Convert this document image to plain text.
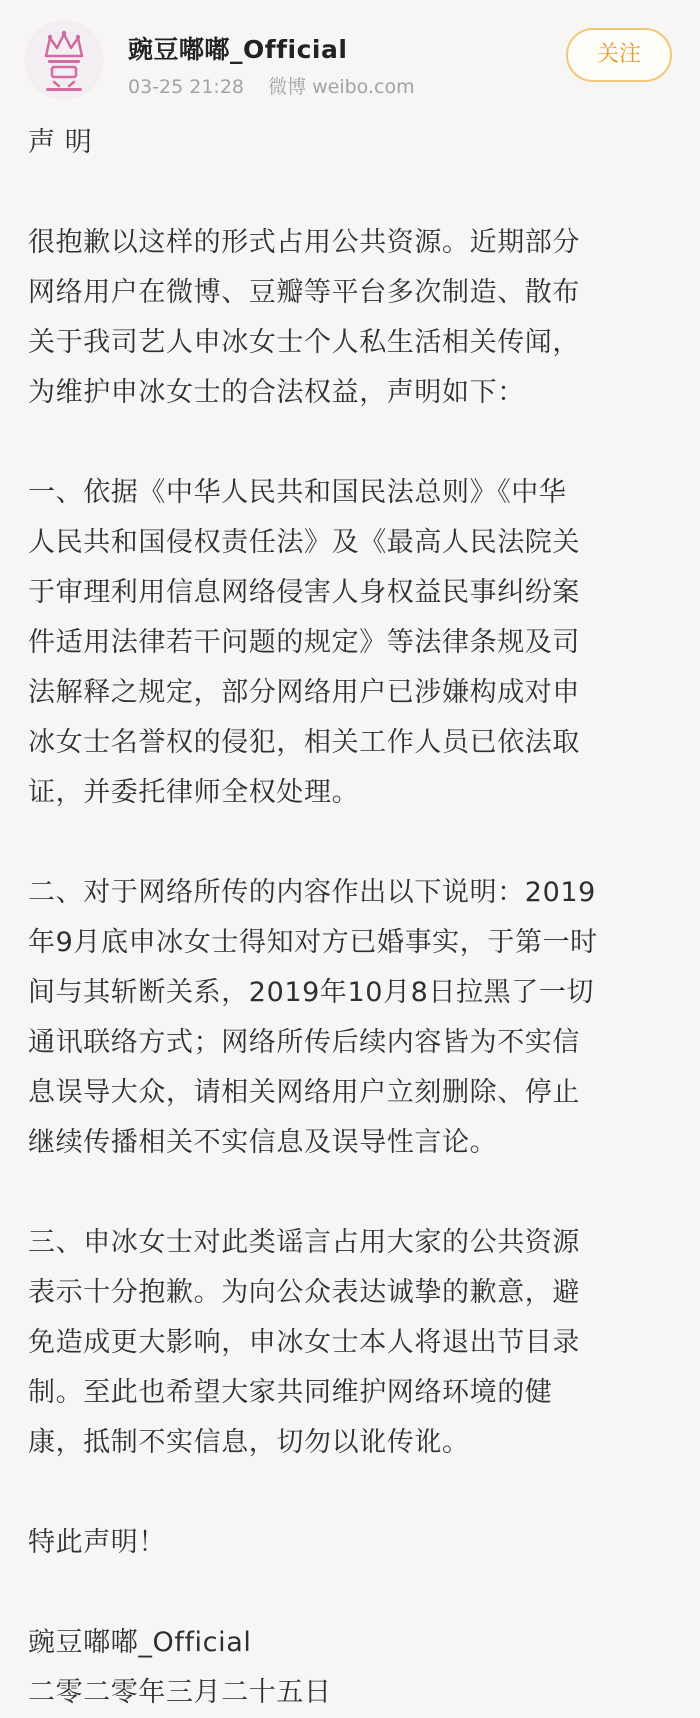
豌豆嘟嘟_Official
03-25 21:28 微博 weibo.com
关注

声 明

很抱歉以这样的形式占用公共资源。近期部分
网络用户在微博、豆瓣等平台多次制造、散布
关于我司艺人申冰女士个人私生活相关传闻，
为维护申冰女士的合法权益，声明如下：

一、依据《中华人民共和国民法总则》《中华
人民共和国侵权责任法》及《最高人民法院关
于审理利用信息网络侵害人身权益民事纠纷案
件适用法律若干问题的规定》等法律条规及司
法解释之规定，部分网络用户已涉嫌构成对申
冰女士名誉权的侵犯，相关工作人员已依法取
证，并委托律师全权处理。

二、对于网络所传的内容作出以下说明：2019
年9月底申冰女士得知对方已婚事实，于第一时
间与其斩断关系，2019年10月8日拉黑了一切
通讯联络方式；网络所传后续内容皆为不实信
息误导大众，请相关网络用户立刻删除、停止
继续传播相关不实信息及误导性言论。

三、申冰女士对此类谣言占用大家的公共资源
表示十分抱歉。为向公众表达诚挚的歉意，避
免造成更大影响，申冰女士本人将退出节目录
制。至此也希望大家共同维护网络环境的健
康，抵制不实信息，切勿以讹传讹。

特此声明！

豌豆嘟嘟_Official

二零二零年三月二十五日
